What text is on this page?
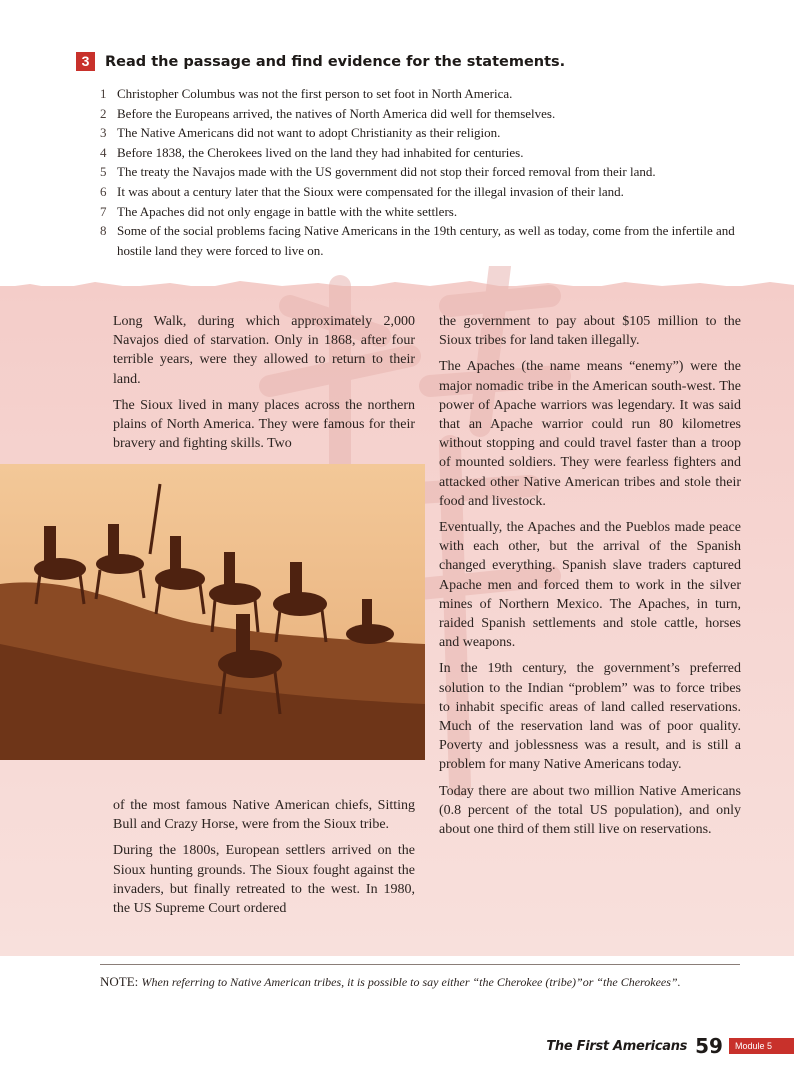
3	Read the passage and find evidence for the statements.
1 Christopher Columbus was not the first person to set foot in North America.
2 Before the Europeans arrived, the natives of North America did well for themselves.
3 The Native Americans did not want to adopt Christianity as their religion.
4 Before 1838, the Cherokees lived on the land they had inhabited for centuries.
5 The treaty the Navajos made with the US government did not stop their forced removal from their land.
6 It was about a century later that the Sioux were compensated for the illegal invasion of their land.
7 The Apaches did not only engage in battle with the white settlers.
8 Some of the social problems facing Native Americans in the 19th century, as well as today, come from the infertile and hostile land they were forced to live on.

Long Walk, during which approximately 2,000 Navajos died of starvation. Only in 1868, after four terrible years, were they allowed to return to their land.

The Sioux lived in many places across the northern plains of North America. They were famous for their bravery and fighting skills. Two

of the most famous Native American chiefs, Sitting Bull and Crazy Horse, were from the Sioux tribe.

During the 1800s, European settlers arrived on the Sioux hunting grounds. The Sioux fought against the invaders, but finally retreated to the west. In 1980, the US Supreme Court ordered

the government to pay about $105 million to the Sioux tribes for land taken illegally.

The Apaches (the name means “enemy”) were the major nomadic tribe in the American south-west. The power of Apache warriors was legendary. It was said that an Apache warrior could run 80 kilometres without stopping and could travel faster than a troop of mounted soldiers. They were fearless fighters and attacked other Native American tribes and stole their food and livestock.

Eventually, the Apaches and the Pueblos made peace with each other, but the arrival of the Spanish changed everything. Spanish slave traders captured Apache men and forced them to work in the silver mines of Northern Mexico. The Apaches, in turn, raided Spanish settlements and stole cattle, horses and weapons.

In the 19th century, the government’s preferred solution to the Indian “problem” was to force tribes to inhabit specific areas of land called reservations. Much of the reservation land was of poor quality. Poverty and joblessness was a result, and is still a problem for many Native Americans today.

Today there are about two million Native Americans (0.8 percent of the total US population), and only about one third of them still live on reservations.

NOTE: When referring to Native American tribes, it is possible to say either “the Cherokee (tribe)”or “the Cherokees”.
The First Americans 59	Module 5
